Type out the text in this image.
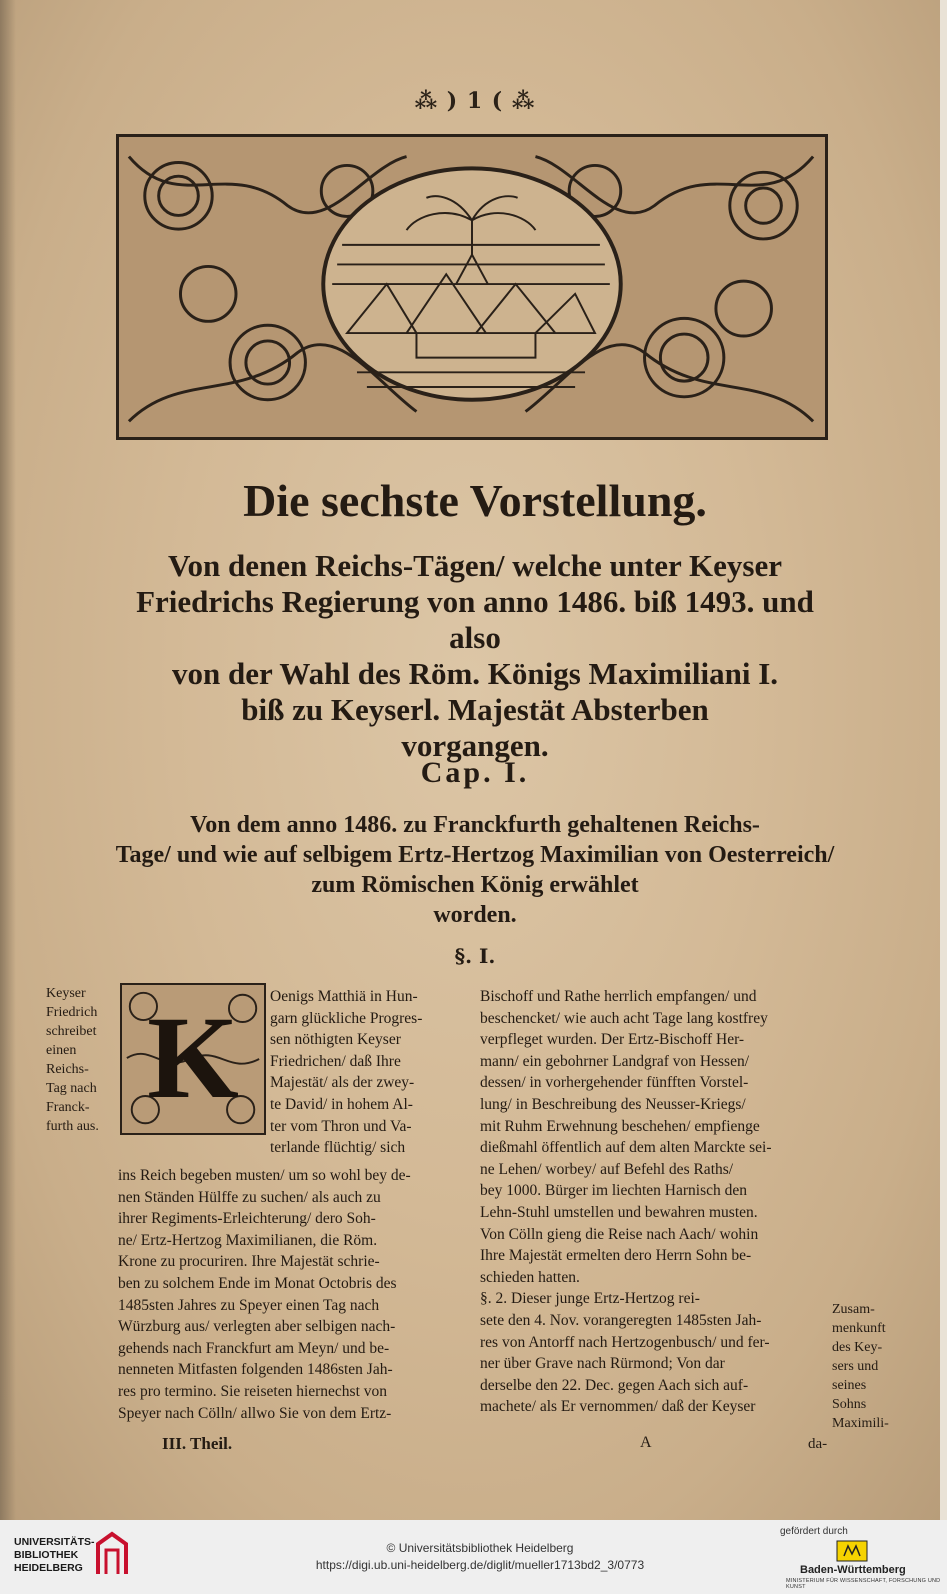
⁂ ) 1 ( ⁂
Die sechste Vorstellung.
Von denen Reichs-Tägen/ welche unter Keyser
Friedrichs Regierung von anno 1486. biß 1493. und also
von der Wahl des Röm. Königs Maximiliani I.
biß zu Keyserl. Majestät Absterben
vorgangen.
Cap. I.
Von dem anno 1486. zu Franckfurth gehaltenen Reichs-
Tage/ und wie auf selbigem Ertz-Hertzog Maximilian von Oesterreich/
zum Römischen König erwählet
worden.
§. I.
Keyser
Friedrich
schreibet
einen
Reichs-
Tag nach
Franck-
furth aus.
K	Oenigs Matthiä in Hun-
garn glückliche Progres-
sen nöthigten Keyser
Friedrichen/ daß Ihre
Majestät/ als der zwey-
te David/ in hohem Al-
ter vom Thron und Va-
terlande flüchtig/ sich
ins Reich begeben musten/ um so wohl bey de-
nen Ständen Hülffe zu suchen/ als auch zu
ihrer Regiments-Erleichterung/ dero Soh-
ne/ Ertz-Hertzog Maximilianen, die Röm.
Krone zu procuriren. Ihre Majestät schrie-
ben zu solchem Ende im Monat Octobris des
1485sten Jahres zu Speyer einen Tag nach
Würzburg aus/ verlegten aber selbigen nach-
gehends nach Franckfurt am Meyn/ und be-
nenneten Mitfasten folgenden 1486sten Jah-
res pro termino. Sie reiseten hiernechst von
Speyer nach Cölln/ allwo Sie von dem Ertz-
Bischoff und Rathe herrlich empfangen/ und
beschencket/ wie auch acht Tage lang kostfrey
verpfleget wurden. Der Ertz-Bischoff Her-
mann/ ein gebohrner Landgraf von Hessen/
dessen/ in vorhergehender fünfften Vorstel-
lung/ in Beschreibung des Neusser-Kriegs/
mit Ruhm Erwehnung beschehen/ empfienge
dießmahl öffentlich auf dem alten Marckte sei-
ne Lehen/ worbey/ auf Befehl des Raths/
bey 1000. Bürger im liechten Harnisch den
Lehn-Stuhl umstellen und bewahren musten.
Von Cölln gieng die Reise nach Aach/ wohin
Ihre Majestät ermelten dero Herrn Sohn be-
schieden hatten.
§. 2. Dieser junge Ertz-Hertzog rei-
sete den 4. Nov. vorangeregten 1485sten Jah-
res von Antorff nach Hertzogenbusch/ und fer-
ner über Grave nach Rürmond; Von dar
derselbe den 22. Dec. gegen Aach sich auf-
machete/ als Er vernommen/ daß der Keyser
Zusam-
menkunft
des Key-
sers und
seines
Sohns
Maximili-
III. Theil.	A	da-
UNIVERSITÄTS-
BIBLIOTHEK
HEIDELBERG
© Universitätsbibliothek Heidelberg
https://digi.ub.uni-heidelberg.de/diglit/mueller1713bd2_3/0773
gefördert durch
Baden-Württemberg
MINISTERIUM FÜR WISSENSCHAFT, FORSCHUNG UND KUNST
